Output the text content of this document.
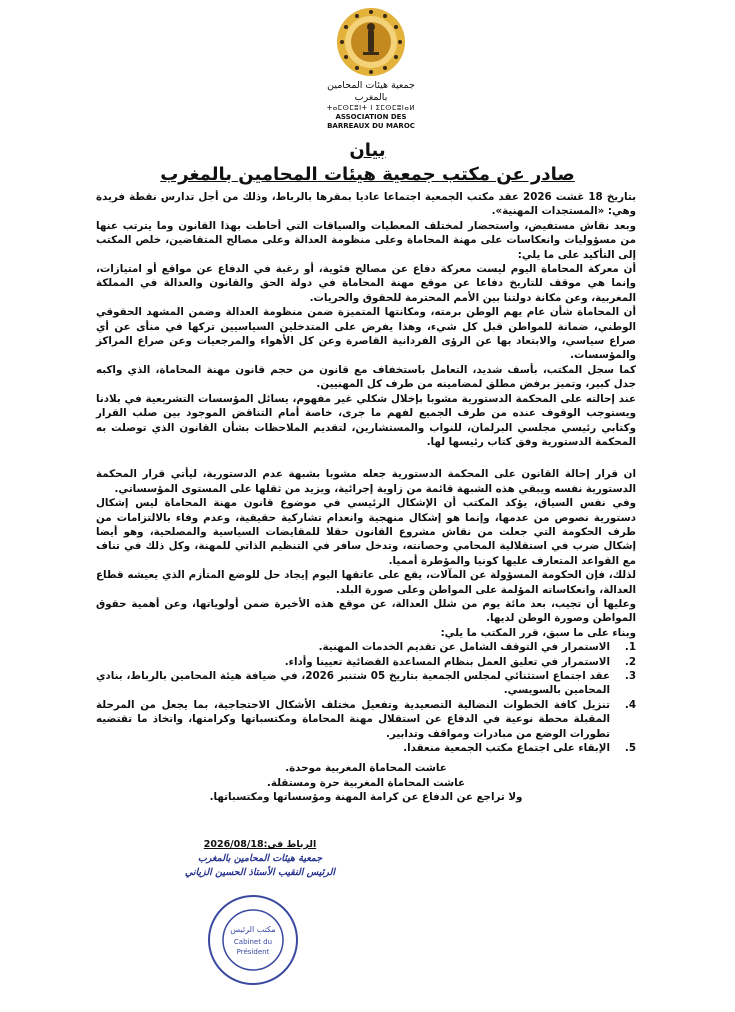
جمعية هيئات المحامين بالمغرب
ⵜⴰⵎⵙⵎⵓⵏⵜ ⵏ ⵉⵎⵙⵎⵓⵏⴰⵍ
ASSOCIATION DES BARREAUX DU MAROC
بيان
صادر عن مكتب جمعية هيئات المحامين بالمغرب

بتاريخ 18 غشت 2026 عقد مكتب الجمعية اجتماعا عاديا بمقرها بالرباط، وذلك من أجل تدارس نقطة فريدة وهي: «المستجدات المهنية».

وبعد نقاش مستفيض، واستحضار لمختلف المعطيات والسياقات التي أحاطت بهذا القانون وما يترتب عنها من مسؤوليات وانعكاسات على مهنة المحاماة وعلى منظومة العدالة وعلى مصالح المتقاضين، خلص المكتب إلى التأكيد على ما يلي:

أن معركة المحاماة اليوم ليست معركة دفاع عن مصالح فئوية، أو رغبة في الدفاع عن مواقع أو امتيازات، وإنما هي موقف للتاريخ دفاعا عن موقع مهنة المحاماة في دولة الحق والقانون والعدالة في المملكة المغربية، وعن مكانة دولتنا بين الأمم المحترمة للحقوق والحريات.

أن المحاماة شأن عام يهم الوطن برمته، ومكانتها المتميزة ضمن منظومة العدالة وضمن المشهد الحقوقي الوطني، ضمانة للمواطن قبل كل شيء، وهذا يفرض على المتدخلين السياسيين تركها في منأى عن أي صراع سياسي، والابتعاد بها عن الرؤى الفردانية القاصرة وعن كل الأهواء والمرجعيات وعن صراع المراكز والمؤسسات.

كما سجل المكتب، بأسف شديد، التعامل باستخفاف مع قانون من حجم قانون مهنة المحاماة، الذي واكبه جدل كبير، وتميز برفض مطلق لمضامينه من طرف كل المهنيين.

عند إحالته على المحكمة الدستورية مشوبا بإخلال شكلي غير مفهوم، يسائل المؤسسات التشريعية في بلادنا ويستوجب الوقوف عنده من طرف الجميع لفهم ما جرى، خاصة أمام التناقض الموجود بين صلب القرار وكتابي رئيسي مجلسي البرلمان، للنواب والمستشارين، لتقديم الملاحظات بشأن القانون الذي توصلت به المحكمة الدستورية وفق كتاب رئيسها لها.

ان قرار إحالة القانون على المحكمة الدستورية جعله مشوبا بشبهة عدم الدستورية، ليأتي قرار المحكمة الدستورية نفسه ويبقي هذه الشبهة قائمة من زاوية إجرائية، ويزيد من ثقلها على المستوى المؤسساتي.

وفي نفس السياق، يؤكد المكتب أن الإشكال الرئيسي في موضوع قانون مهنة المحاماة ليس إشكال دستورية نصوص من عدمها، وإنما هو إشكال منهجية وانعدام تشاركية حقيقية، وعدم وفاء بالالتزامات من طرف الحكومة التي جعلت من نقاش مشروع القانون حقلا للمقايضات السياسية والمصلحية، وهو أيضا إشكال ضرب في استقلالية المحامي وحصانته، وتدخل سافر في التنظيم الذاتي للمهنة، وكل ذلك في تناف مع القواعد المتعارف عليها كونيا والمؤطرة أمميا.

لذلك، فإن الحكومة المسؤولة عن المآلات، يقع على عاتقها اليوم إيجاد حل للوضع المتأزم الذي يعيشه قطاع العدالة، وانعكاساته المؤلمة على المواطن وعلى صورة البلد.

وعليها أن تجيب، بعد مائة يوم من شلل العدالة، عن موقع هذه الأخيرة ضمن أولوياتها، وعن أهمية حقوق المواطن وصورة الوطن لديها.

وبناء على ما سبق، قرر المكتب ما يلي:

1.
الاستمرار في التوقف الشامل عن تقديم الخدمات المهنية.
2.
الاستمرار في تعليق العمل بنظام المساعدة القضائية تعيينا وأداء.
3.
عقد اجتماع استثنائي لمجلس الجمعية بتاريخ 05 شتنبر 2026، في ضيافة هيئة المحامين بالرباط، بنادي المحامين بالسويسي.
4.
تنزيل كافة الخطوات النضالية التصعيدية وتفعيل مختلف الأشكال الاحتجاجية، بما يجعل من المرحلة المقبلة محطة نوعية في الدفاع عن استقلال مهنة المحاماة ومكتسباتها وكرامتها، واتخاذ ما تقتضيه تطورات الوضع من مبادرات ومواقف وتدابير.
5.
الإبقاء على اجتماع مكتب الجمعية منعقدا.

عاشت المحاماة المغربية موحدة.

عاشت المحاماة المغربية حرة ومستقلة.

ولا تراجع عن الدفاع عن كرامة المهنة ومؤسساتها ومكتسباتها.

الرباط في:2026/08/18
جمعية هيئات المحامين بالمغرب
الرئيس النقيب الأستاذ الحسين الزياني
مكتب الرئيس
Cabinet du
Président
